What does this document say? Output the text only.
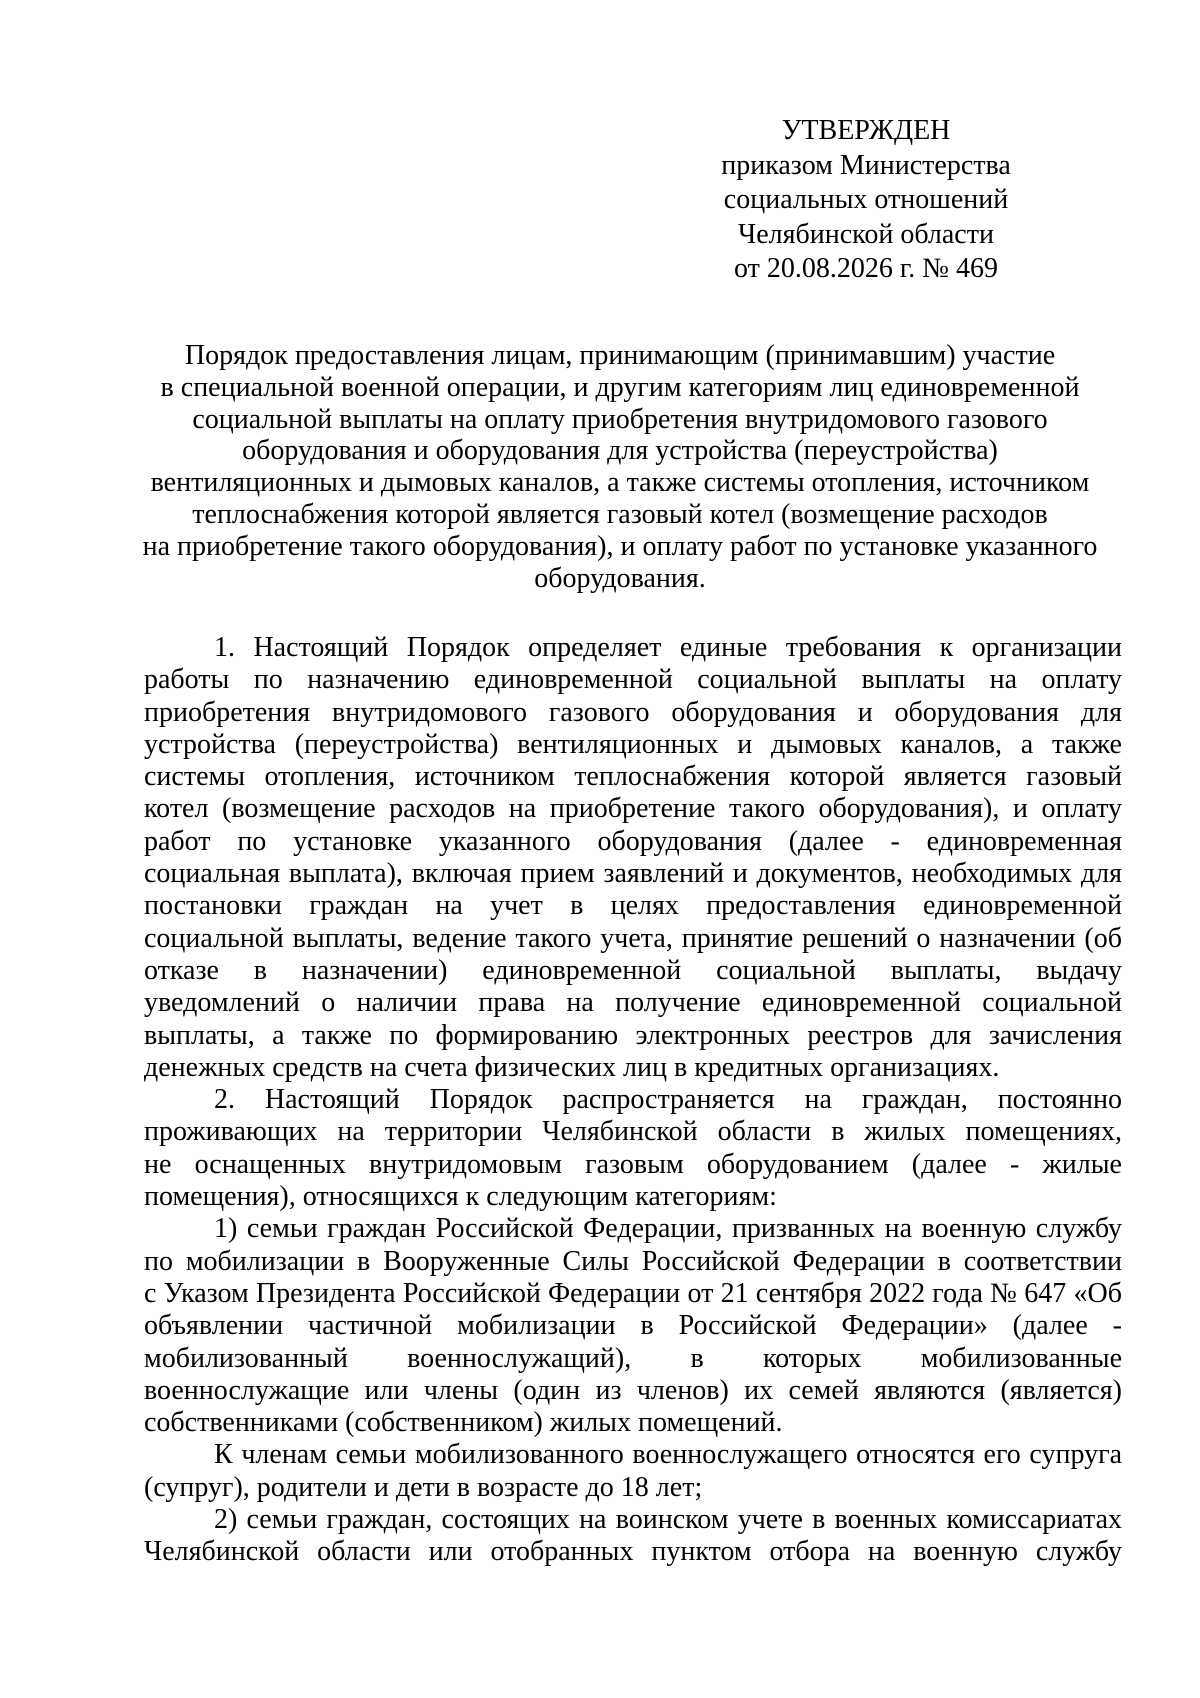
УТВЕРЖДЕН
приказом Министерства
социальных отношений
Челябинской области
от 20.08.2026 г. № 469
Порядок предоставления лицам, принимающим (принимавшим) участие
в специальной военной операции, и другим категориям лиц единовременной
социальной выплаты на оплату приобретения внутридомового газового
оборудования и оборудования для устройства (переустройства)
вентиляционных и дымовых каналов, а также системы отопления, источником
теплоснабжения которой является газовый котел (возмещение расходов
на приобретение такого оборудования), и оплату работ по установке указанного
оборудования.

1. Настоящий Порядок определяет единые требования к организации
работы по назначению единовременной социальной выплаты на оплату
приобретения внутридомового газового оборудования и оборудования для
устройства (переустройства) вентиляционных и дымовых каналов, а также
системы отопления, источником теплоснабжения которой является газовый
котел (возмещение расходов на приобретение такого оборудования), и оплату
работ по установке указанного оборудования (далее - единовременная
социальная выплата), включая прием заявлений и документов, необходимых для
постановки граждан на учет в целях предоставления единовременной
социальной выплаты, ведение такого учета, принятие решений о назначении (об
отказе в назначении) единовременной социальной выплаты, выдачу
уведомлений о наличии права на получение единовременной социальной
выплаты, а также по формированию электронных реестров для зачисления
денежных средств на счета физических лиц в кредитных организациях.

2. Настоящий Порядок распространяется на граждан, постоянно
проживающих на территории Челябинской области в жилых помещениях,
не оснащенных внутридомовым газовым оборудованием (далее - жилые
помещения), относящихся к следующим категориям:

1) семьи граждан Российской Федерации, призванных на военную службу
по мобилизации в Вооруженные Силы Российской Федерации в соответствии
с Указом Президента Российской Федерации от 21 сентября 2022 года № 647 «Об
объявлении частичной мобилизации в Российской Федерации» (далее -
мобилизованный военнослужащий), в которых мобилизованные
военнослужащие или члены (один из членов) их семей являются (является)
собственниками (собственником) жилых помещений.

К членам семьи мобилизованного военнослужащего относятся его супруга
(супруг), родители и дети в возрасте до 18 лет;

2) семьи граждан, состоящих на воинском учете в военных комиссариатах
Челябинской области или отобранных пунктом отбора на военную службу
